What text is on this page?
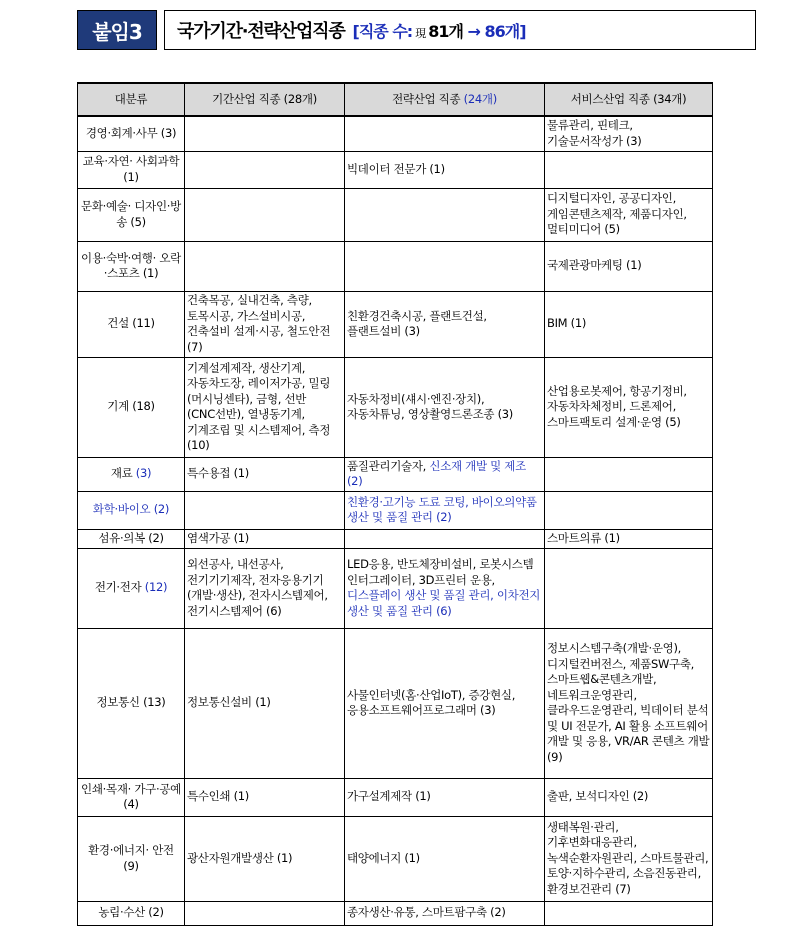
붙임3	국가기간·전략산업직종 [직종 수: 現 81개 → 86개]
대분류	기간산업 직종 (28개)	전략산업 직종 (24개)	서비스산업 직종 (34개)
경영·회계·사무 (3)			물류관리, 핀테크, 기술문서작성가 (3)
교육·자연· 사회과학 (1)		빅데이터 전문가 (1)	
문화·예술· 디자인·방송 (5)			디지털디자인, 공공디자인, 게임콘텐츠제작, 제품디자인, 멀티미디어 (5)
이용·숙박·여행· 오락·스포츠 (1)			국제관광마케팅 (1)
건설 (11)	건축목공, 실내건축, 측량, 토목시공, 가스설비시공, 건축설비 설계·시공, 철도안전 (7)	친환경건축시공, 플랜트건설, 플랜트설비 (3)	BIM (1)
기계 (18)	기계설계제작, 생산기계, 자동차도장, 레이저가공, 밀링(머시닝센타), 금형, 선반(CNC선반), 열냉동기계, 기계조립 및 시스템제어, 측정 (10)	자동차정비(섀시·엔진·장치), 자동차튜닝, 영상촬영드론조종 (3)	산업용로봇제어, 항공기정비, 자동차차체정비, 드론제어, 스마트팩토리 설계·운영 (5)
재료 (3)	특수용접 (1)	품질관리기술자, 신소재 개발 및 제조 (2)	
화학·바이오 (2)		친환경·고기능 도료 코팅, 바이오의약품 생산 및 품질 관리 (2)	
섬유·의복 (2)	염색가공 (1)		스마트의류 (1)
전기·전자 (12)	외선공사, 내선공사, 전기기기제작, 전자응용기기(개발·생산), 전자시스템제어, 전기시스템제어 (6)	LED응용, 반도체장비설비, 로봇시스템 인터그레이터, 3D프린터 운용, 디스플레이 생산 및 품질 관리, 이차전지 생산 및 품질 관리 (6)	
정보통신 (13)	정보통신설비 (1)	사물인터넷(홈·산업IoT), 증강현실, 응용소프트웨어프로그래머 (3)	정보시스템구축(개발·운영), 디지털컨버전스, 제품SW구축, 스마트웹&콘텐츠개발, 네트워크운영관리, 클라우드운영관리, 빅데이터 분석 및 UI 전문가, AI 활용 소프트웨어 개발 및 응용, VR/AR 콘텐츠 개발 (9)
인쇄·목재· 가구·공예 (4)	특수인쇄 (1)	가구설계제작 (1)	출판, 보석디자인 (2)
환경·에너지· 안전 (9)	광산자원개발생산 (1)	태양에너지 (1)	생태복원·관리, 기후변화대응관리, 녹색순환자원관리, 스마트물관리, 토양·지하수관리, 소음진동관리, 환경보건관리 (7)
농림·수산 (2)		종자생산·유통, 스마트팜구축 (2)	
